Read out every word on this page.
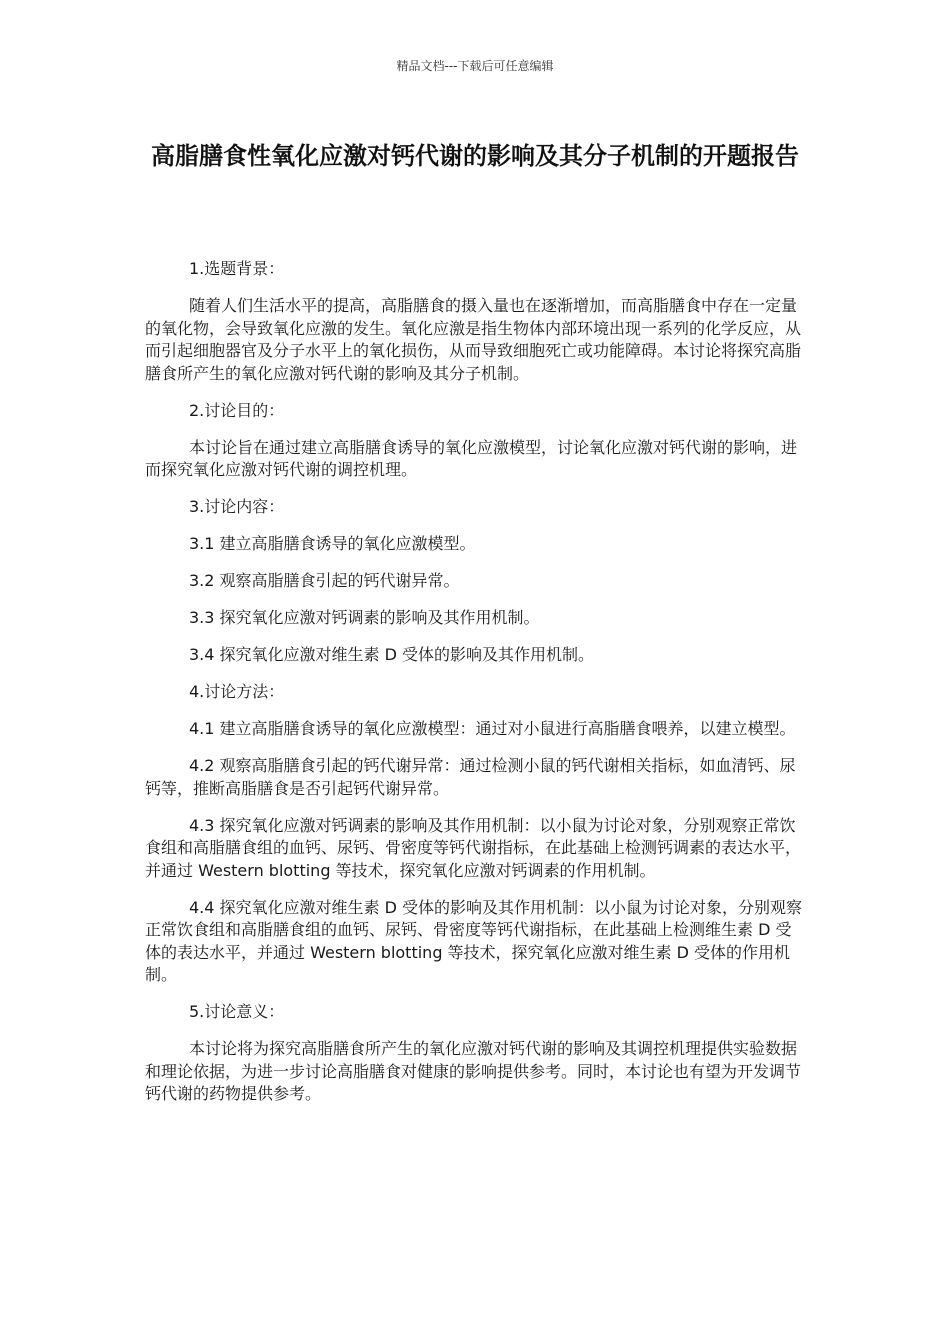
精品文档---下载后可任意编辑
高脂膳食性氧化应激对钙代谢的影响及其分子机制的开题报告

1.选题背景：

随着人们生活水平的提高，高脂膳食的摄入量也在逐渐增加，而高脂膳食中存在一定量的氧化物，会导致氧化应激的发生。氧化应激是指生物体内部环境出现一系列的化学反应，从而引起细胞器官及分子水平上的氧化损伤，从而导致细胞死亡或功能障碍。本讨论将探究高脂膳食所产生的氧化应激对钙代谢的影响及其分子机制。

2.讨论目的：

本讨论旨在通过建立高脂膳食诱导的氧化应激模型，讨论氧化应激对钙代谢的影响，进而探究氧化应激对钙代谢的调控机理。

3.讨论内容：

3.1 建立高脂膳食诱导的氧化应激模型。

3.2 观察高脂膳食引起的钙代谢异常。

3.3 探究氧化应激对钙调素的影响及其作用机制。

3.4 探究氧化应激对维生素 D 受体的影响及其作用机制。

4.讨论方法：

4.1 建立高脂膳食诱导的氧化应激模型：通过对小鼠进行高脂膳食喂养，以建立模型。

4.2 观察高脂膳食引起的钙代谢异常：通过检测小鼠的钙代谢相关指标，如血清钙、尿钙等，推断高脂膳食是否引起钙代谢异常。

4.3 探究氧化应激对钙调素的影响及其作用机制：以小鼠为讨论对象，分别观察正常饮食组和高脂膳食组的血钙、尿钙、骨密度等钙代谢指标，在此基础上检测钙调素的表达水平，并通过 Western blotting 等技术，探究氧化应激对钙调素的作用机制。

4.4 探究氧化应激对维生素 D 受体的影响及其作用机制：以小鼠为讨论对象，分别观察正常饮食组和高脂膳食组的血钙、尿钙、骨密度等钙代谢指标，在此基础上检测维生素 D 受体的表达水平，并通过 Western blotting 等技术，探究氧化应激对维生素 D 受体的作用机制。

5.讨论意义：

本讨论将为探究高脂膳食所产生的氧化应激对钙代谢的影响及其调控机理提供实验数据和理论依据，为进一步讨论高脂膳食对健康的影响提供参考。同时，本讨论也有望为开发调节钙代谢的药物提供参考。
